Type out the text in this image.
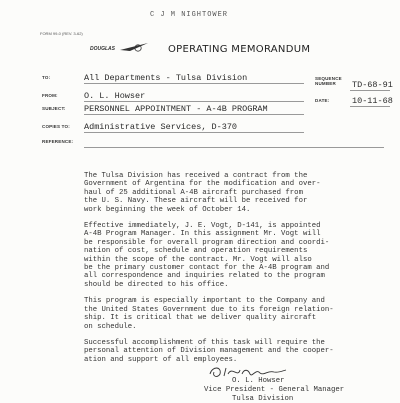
C J M NIGHTOWER
FORM 99-0 (REV. 3-62)
DOUGLAS	OPERATING MEMORANDUM
TO:	All Departments - Tulsa Division
FROM:	O. L. Howser
SUBJECT: PERSONNEL APPOINTMENT - A-4B PROGRAM
COPIES TO: Administrative Services, D-370
REFERENCE:
SEQUENCE
NUMBER	TD-68-91
DATE:	10-11-68

The Tulsa Division has received a contract from the
Government of Argentina for the modification and over-
haul of 25 additional A-4B aircraft purchased from
the U. S. Navy. These aircraft will be received for
work beginning the week of October 14.

Effective immediately, J. E. Vogt, D-141, is appointed
A-4B Program Manager. In this assignment Mr. Vogt will
be responsible for overall program direction and coordi-
nation of cost, schedule and operation requirements
within the scope of the contract. Mr. Vogt will also
be the primary customer contact for the A-4B program and
all correspondence and inquiries related to the program
should be directed to his office.

This program is especially important to the Company and
the United States Government due to its foreign relation-
ship. It is critical that we deliver quality aircraft
on schedule.

Successful accomplishment of this task will require the
personal attention of Division management and the cooper-
ation and support of all employees.

O. L. Howser
Vice President - General Manager
Tulsa Division
